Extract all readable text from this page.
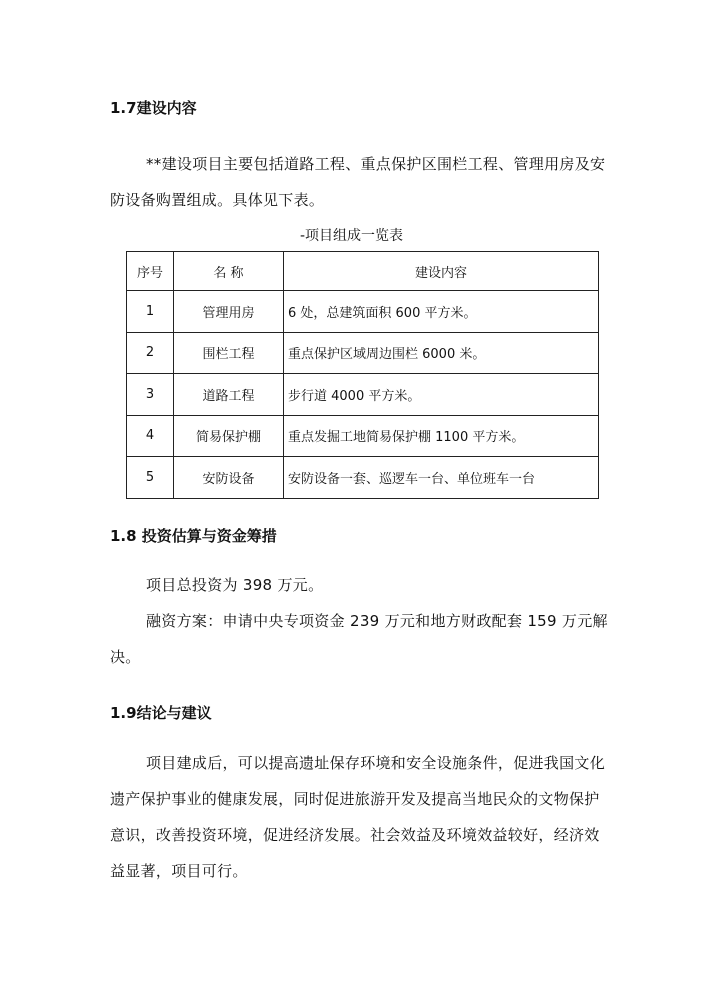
1.7建设内容

**建设项目主要包括道路工程、重点保护区围栏工程、管理用房及安防设备购置组成。具体见下表。

-项目组成一览表
序号	名 称	建设内容
1	管理用房	6 处，总建筑面积 600 平方米。
2	围栏工程	重点保护区域周边围栏 6000 米。
3	道路工程	步行道 4000 平方米。
4	简易保护棚	重点发掘工地简易保护棚 1100 平方米。
5	安防设备	安防设备一套、巡逻车一台、单位班车一台
1.8 投资估算与资金筹措

项目总投资为 398 万元。

融资方案：申请中央专项资金 239 万元和地方财政配套 159 万元解决。

1.9结论与建议

项目建成后，可以提高遗址保存环境和安全设施条件，促进我国文化遗产保护事业的健康发展，同时促进旅游开发及提高当地民众的文物保护意识，改善投资环境，促进经济发展。社会效益及环境效益较好，经济效益显著，项目可行。
